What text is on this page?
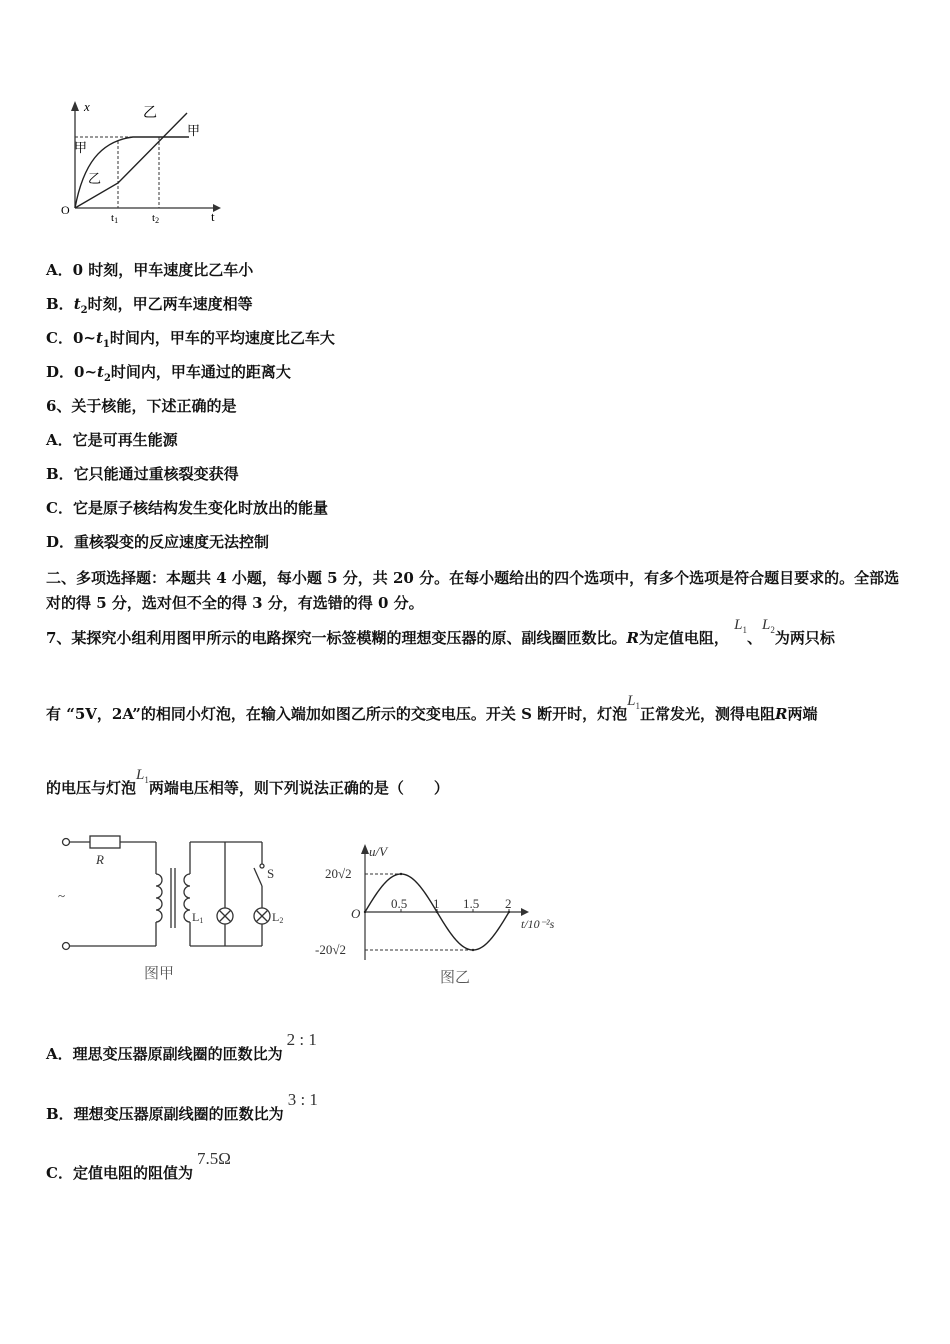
x
t
O
甲
甲
乙
乙
t1	t2
A．0 时刻，甲车速度比乙车小
B．$t_2$时刻，甲乙两车速度相等
C．$0\sim t_1$时间内，甲车的平均速度比乙车大
D．$0\sim t_2$时间内，甲车通过的距离大
6、关于核能，下述正确的是
A．它是可再生能源
B．它只能通过重核裂变获得
C．它是原子核结构发生变化时放出的能量
D．重核裂变的反应速度无法控制
二、多项选择题：本题共 4 小题，每小题 5 分，共 20 分。在每小题给出的四个选项中，有多个选项是符合题目要求的。全部选对的得 5 分，选对但不全的得 3 分，有选错的得 0 分。
7、某探究小组利用图甲所示的电路探究一标签模糊的理想变压器的原、副线圈匝数比。R为定值电阻， $L_1$、$L_2$为两只标
有 “5V，2A”的相同小灯泡，在输入端加如图乙所示的交变电压。开关 S 断开时，灯泡$L_1$正常发光，测得电阻R两端
的电压与灯泡$L_1$两端电压相等，则下列说法正确的是（　　）
R
~
S
L1	L2
图甲
0.5 1 1.5 2
u/V
t/10⁻²s
O
20√2
-20√2
图乙
A．理思变压器原副线圈的匝数比为2 : 1
B．理想变压器原副线圈的匝数比为3 : 1
C．定值电阻的阻值为7.5Ω
